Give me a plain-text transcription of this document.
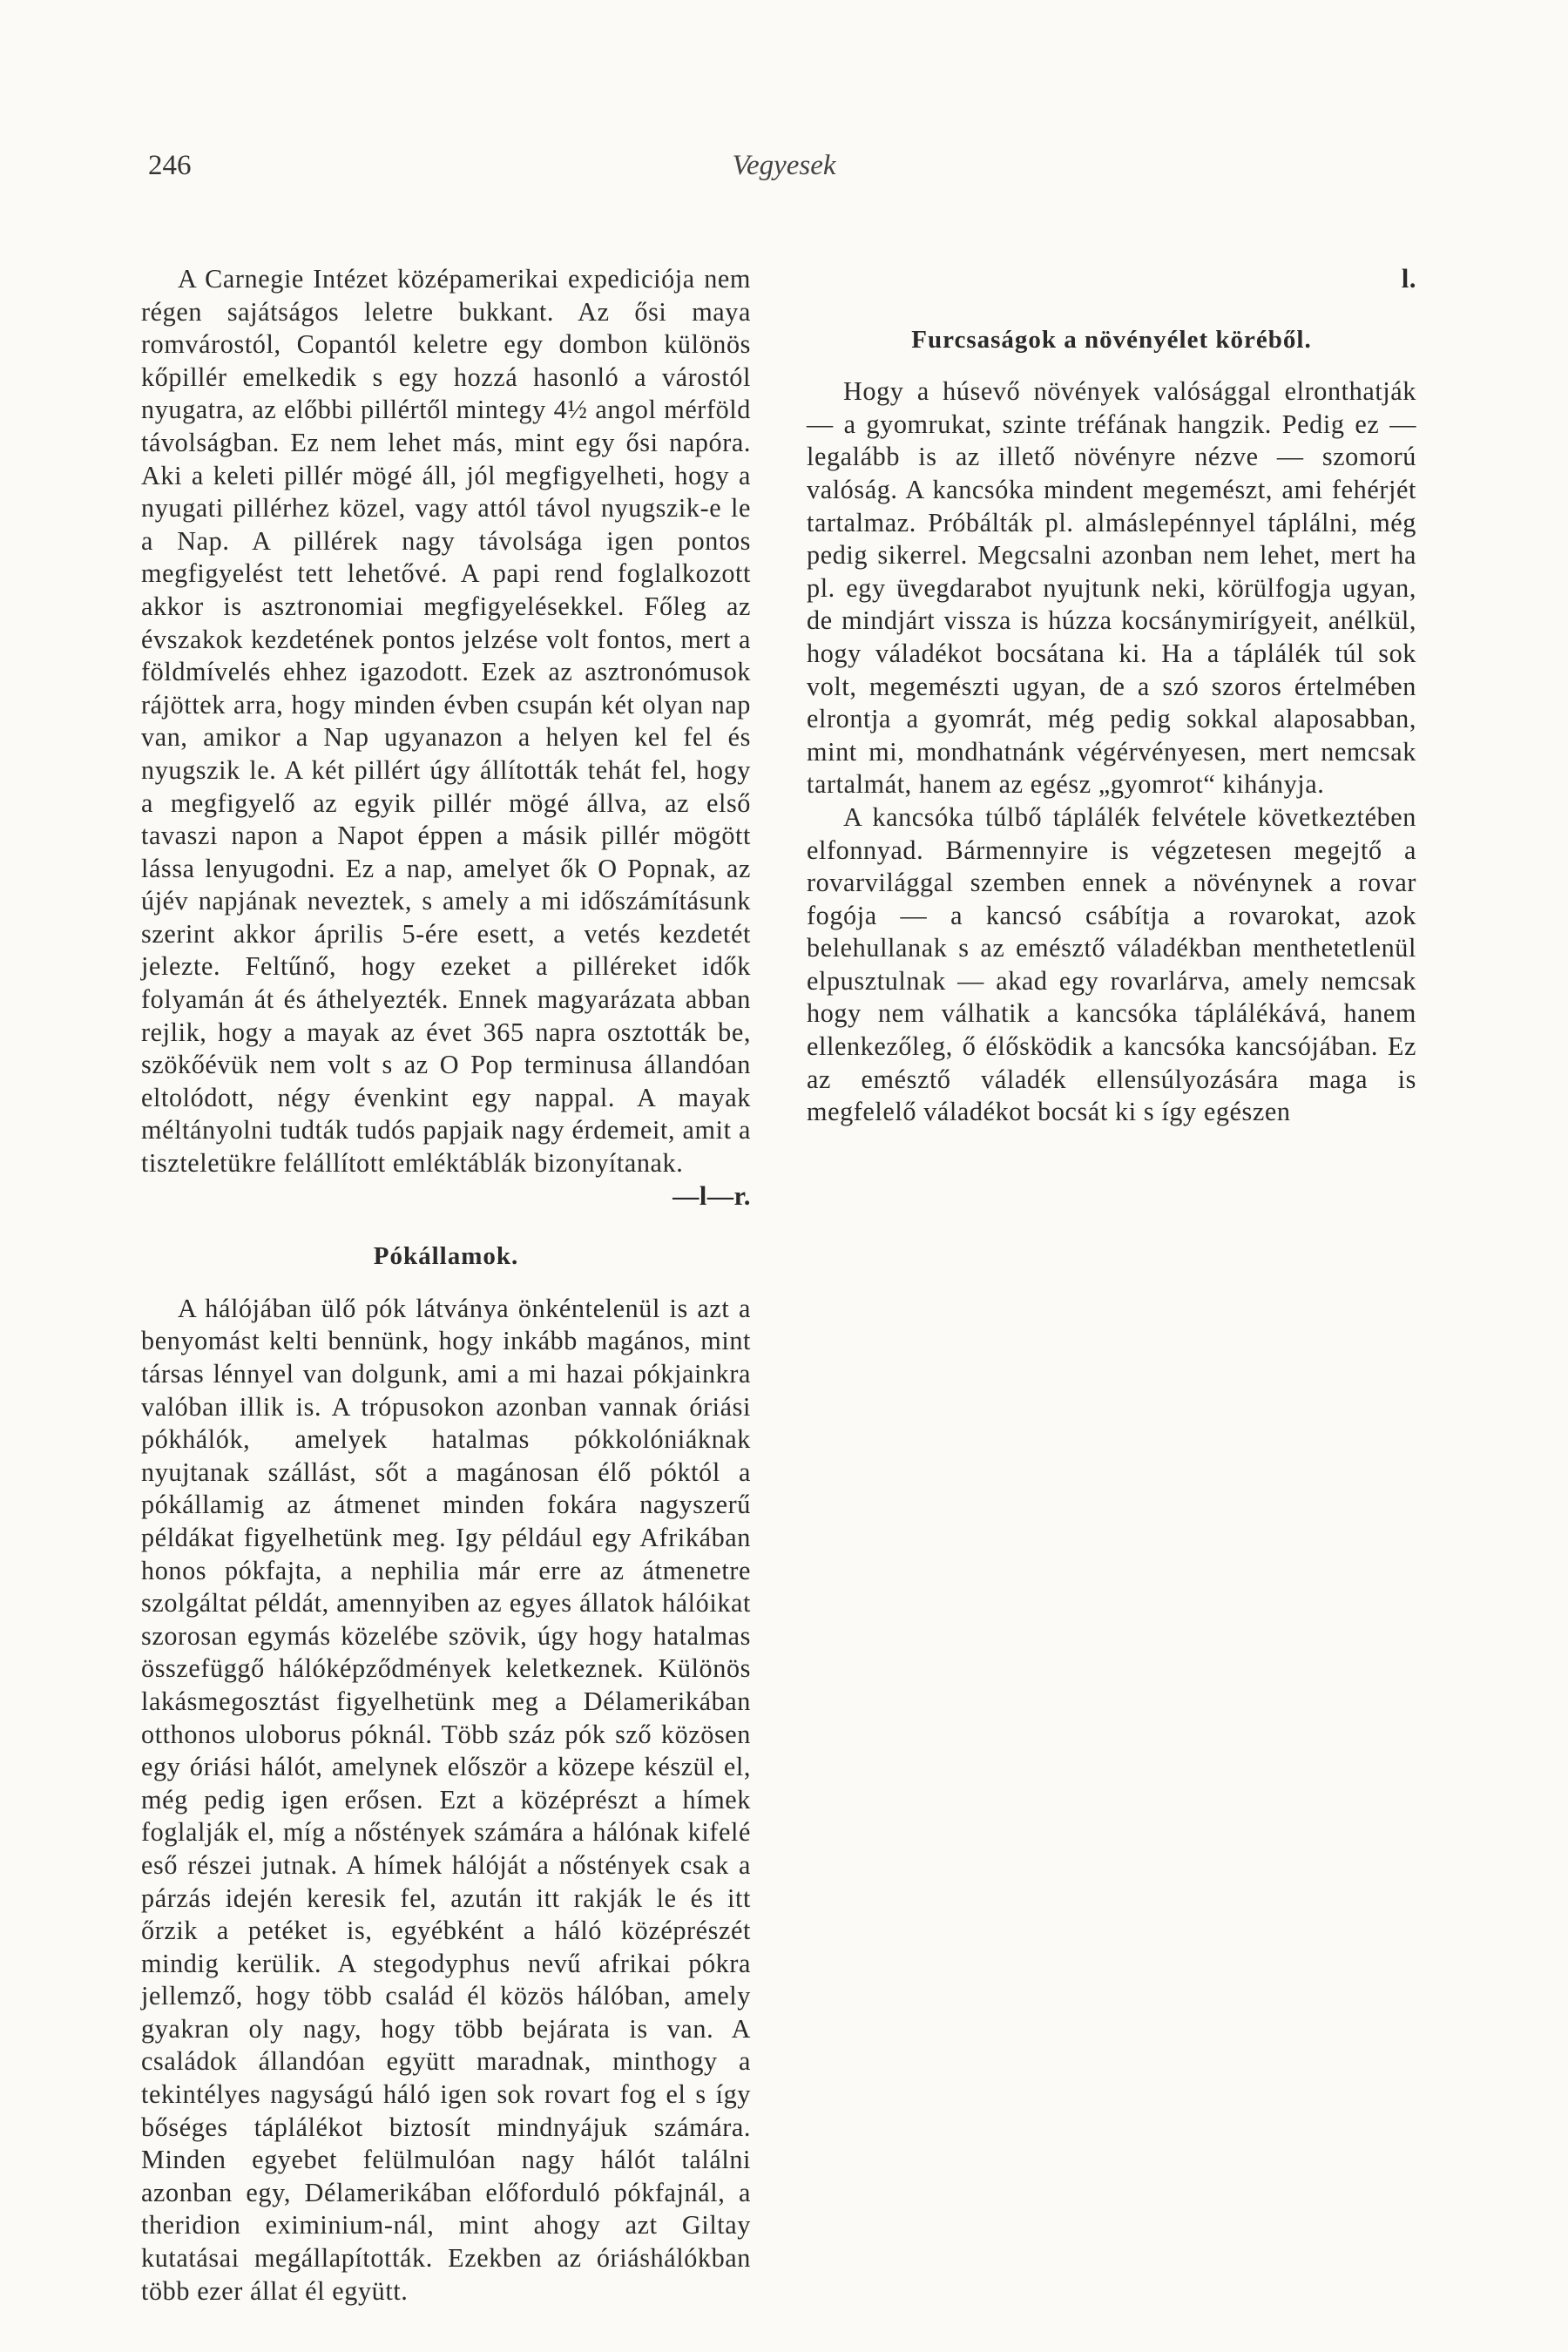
246	Vegyesek

A Carnegie Intézet középamerikai expediciója nem régen sajátságos leletre bukkant. Az ősi maya romvárostól, Copantól keletre egy dombon különös kőpillér emelkedik s egy hozzá hasonló a várostól nyugatra, az előbbi pillértől mintegy 4½ angol mérföld távolságban. Ez nem lehet más, mint egy ősi napóra. Aki a keleti pillér mögé áll, jól megfigyelheti, hogy a nyugati pillérhez közel, vagy attól távol nyugszik-e le a Nap. A pillérek nagy távolsága igen pontos megfigyelést tett lehetővé. A papi rend foglalkozott akkor is asztronomiai megfigyelésekkel. Főleg az évszakok kezdetének pontos jelzése volt fontos, mert a földmívelés ehhez igazodott. Ezek az asztronómusok rájöttek arra, hogy minden évben csupán két olyan nap van, amikor a Nap ugyanazon a helyen kel fel és nyugszik le. A két pillért úgy állították tehát fel, hogy a megfigyelő az egyik pillér mögé állva, az első tavaszi napon a Napot éppen a másik pillér mögött lássa lenyugodni. Ez a nap, amelyet ők O Popnak, az újév napjának neveztek, s amely a mi időszámításunk szerint akkor április 5-ére esett, a vetés kezdetét jelezte. Feltűnő, hogy ezeket a pilléreket idők folyamán át és áthelyezték. Ennek magyarázata abban rejlik, hogy a mayak az évet 365 napra osztották be, szökőévük nem volt s az O Pop terminusa állandóan eltolódott, négy évenkint egy nappal. A mayak méltányolni tudták tudós papjaik nagy érdemeit, amit a tiszteletükre felállított emléktáblák bizonyítanak.

—l—r.
Pókállamok.

A hálójában ülő pók látványa önkéntelenül is azt a benyomást kelti bennünk, hogy inkább magános, mint társas lénnyel van dolgunk, ami a mi hazai pókjainkra valóban illik is. A trópusokon azonban vannak óriási pókhálók, amelyek hatalmas pókkolóniáknak nyujtanak szállást, sőt a magánosan élő póktól a pókállamig az átmenet minden fokára nagyszerű példákat figyelhetünk meg. Igy például egy Afrikában honos pókfajta, a nephilia már erre az átmenetre szolgáltat példát, amennyiben az egyes állatok hálóikat szorosan egymás közelébe szövik, úgy hogy hatalmas összefüggő hálóképződmények keletkeznek. Különös lakásmegosztást figyelhetünk meg a Délamerikában otthonos uloborus póknál. Több száz pók sző közösen egy óriási hálót, amelynek először a közepe készül el, még pedig igen erősen. Ezt a középrészt a hímek foglalják el, míg a nőstények számára a hálónak kifelé eső részei jutnak. A hímek hálóját a nőstények csak a párzás idején keresik fel, azután itt rakják le és itt őrzik a petéket is, egyébként a háló középrészét mindig kerülik. A stegodyphus nevű afrikai pókra jellemző, hogy több család él közös hálóban, amely gyakran oly nagy, hogy több bejárata is van. A családok állandóan együtt maradnak, minthogy a tekintélyes nagyságú háló igen sok rovart fog el s így bőséges táplálékot biztosít mindnyájuk számára. Minden egyebet felülmulóan nagy hálót találni azonban egy, Délamerikában előforduló pókfajnál, a theridion eximinium-nál, mint ahogy azt Giltay kutatásai megállapították. Ezekben az óriáshálókban több ezer állat él együtt.

l.
Furcsaságok a növényélet köréből.

Hogy a húsevő növények valósággal elronthatják — a gyomrukat, szinte tréfának hangzik. Pedig ez — legalább is az illető növényre nézve — szomorú valóság. A kancsóka mindent megemészt, ami fehérjét tartalmaz. Próbálták pl. almáslepénnyel táplálni, még pedig sikerrel. Megcsalni azonban nem lehet, mert ha pl. egy üvegdarabot nyujtunk neki, körülfogja ugyan, de mindjárt vissza is húzza kocsánymirígyeit, anélkül, hogy váladékot bocsátana ki. Ha a táplálék túl sok volt, megemészti ugyan, de a szó szoros értelmében elrontja a gyomrát, még pedig sokkal alaposabban, mint mi, mondhatnánk végérvényesen, mert nemcsak tartalmát, hanem az egész „gyomrot“ kihányja.

A kancsóka túlbő táplálék felvétele következtében elfonnyad. Bármennyire is végzetesen megejtő a rovarvilággal szemben ennek a növénynek a rovar fogója — a kancsó csábítja a rovarokat, azok belehullanak s az emésztő váladékban menthetetlenül elpusztulnak — akad egy rovarlárva, amely nemcsak hogy nem válhatik a kancsóka táplálékává, hanem ellenkezőleg, ő élősködik a kancsóka kancsójában. Ez az emésztő váladék ellensúlyozására maga is megfelelő váladékot bocsát ki s így egészen
